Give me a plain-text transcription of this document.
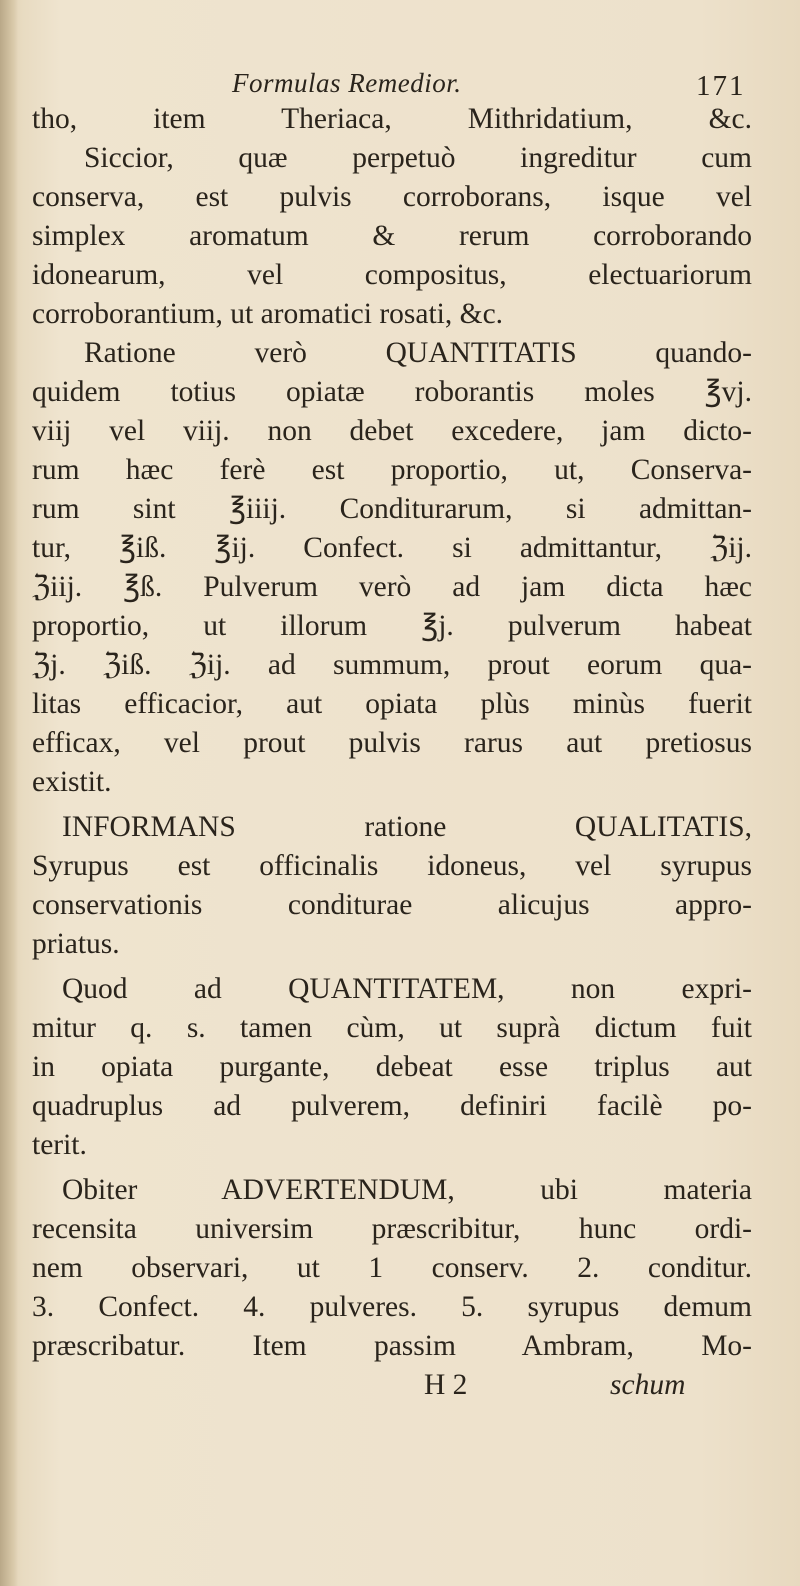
Formulas Remedior.	171
tho, item Theriaca, Mithridatium, &c.
Siccior, quæ perpetuò ingreditur cum
conserva, est pulvis corroborans, isque vel
simplex aromatum & rerum corroborando
idonearum, vel compositus, electuariorum
corroborantium, ut aromatici rosati, &c.
Ratione verò QUANTITATIS quando-
quidem totius opiatæ roborantis moles ℥vj.
viij vel viij. non debet excedere, jam dicto-
rum hæc ferè est proportio, ut, Conserva-
rum sint ℥iiij. Conditurarum, si admittan-
tur, ℥iß. ℥ij. Confect. si admittantur, ℨij.
ℨiij. ℥ß. Pulverum verò ad jam dicta hæc
proportio, ut illorum ℥j. pulverum habeat
ℨj. ℨiß. ℨij. ad summum, prout eorum qua-
litas efficacior, aut opiata plùs minùs fuerit
efficax, vel prout pulvis rarus aut pretiosus
existit.
INFORMANS ratione QUALITATIS,
Syrupus est officinalis idoneus, vel syrupus
conservationis conditurae alicujus appro-
priatus.
Quod ad QUANTITATEM, non expri-
mitur q. s. tamen cùm, ut suprà dictum fuit
in opiata purgante, debeat esse triplus aut
quadruplus ad pulverem, definiri facilè po-
terit.
Obiter ADVERTENDUM, ubi materia
recensita universim præscribitur, hunc ordi-
nem observari, ut 1 conserv. 2. conditur.
3. Confect. 4. pulveres. 5. syrupus demum
præscribatur. Item passim Ambram, Mo-
H 2	schum
